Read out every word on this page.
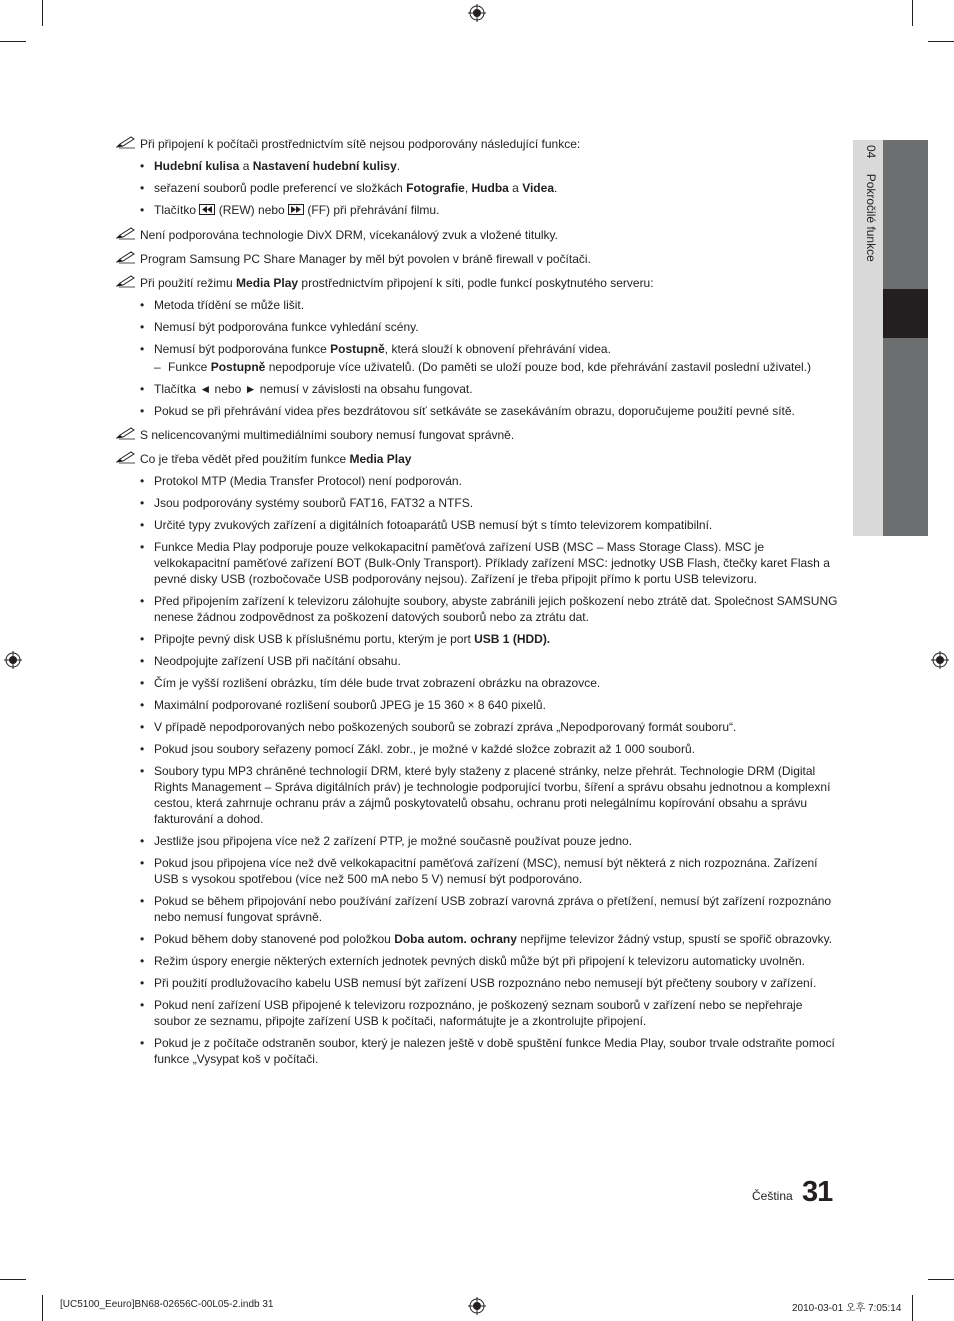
04 Pokročilé funkce
Při připojení k počítači prostřednictvím sítě nejsou podporovány následující funkce:
• Hudební kulisa a Nastavení hudební kulisy.
• seřazení souborů podle preferencí ve složkách Fotografie, Hudba a Videa.
• Tlačítko  (REW) nebo  (FF) při přehrávání filmu.
Není podporována technologie DivX DRM, vícekanálový zvuk a vložené titulky.
Program Samsung PC Share Manager by měl být povolen v bráně firewall v počítači.
Při použití režimu Media Play prostřednictvím připojení k síti, podle funkcí poskytnutého serveru:
• Metoda třídění se může lišit.
• Nemusí být podporována funkce vyhledání scény.
• Nemusí být podporována funkce Postupně, která slouží k obnovení přehrávání videa.
– Funkce Postupně nepodporuje více uživatelů. (Do paměti se uloží pouze bod, kde přehrávání zastavil poslední uživatel.)
• Tlačítka ◄ nebo ► nemusí v závislosti na obsahu fungovat.
• Pokud se při přehrávání videa přes bezdrátovou síť setkáváte se zasekáváním obrazu, doporučujeme použití pevné sítě.
S nelicencovanými multimediálními soubory nemusí fungovat správně.
Co je třeba vědět před použitím funkce Media Play
• Protokol MTP (Media Transfer Protocol) není podporován.
• Jsou podporovány systémy souborů FAT16, FAT32 a NTFS.
• Určité typy zvukových zařízení a digitálních fotoaparátů USB nemusí být s tímto televizorem kompatibilní.
• Funkce Media Play podporuje pouze velkokapacitní paměťová zařízení USB (MSC – Mass Storage Class). MSC je velkokapacitní paměťové zařízení BOT (Bulk-Only Transport). Příklady zařízení MSC: jednotky USB Flash, čtečky karet Flash a pevné disky USB (rozbočovače USB podporovány nejsou). Zařízení je třeba připojit přímo k portu USB televizoru.
• Před připojením zařízení k televizoru zálohujte soubory, abyste zabránili jejich poškození nebo ztrátě dat. Společnost SAMSUNG nenese žádnou zodpovědnost za poškození datových souborů nebo za ztrátu dat.
• Připojte pevný disk USB k příslušnému portu, kterým je port USB 1 (HDD).
• Neodpojujte zařízení USB při načítání obsahu.
• Čím je vyšší rozlišení obrázku, tím déle bude trvat zobrazení obrázku na obrazovce.
• Maximální podporované rozlišení souborů JPEG je 15 360 × 8 640 pixelů.
• V případě nepodporovaných nebo poškozených souborů se zobrazí zpráva „Nepodporovaný formát souboru“.
• Pokud jsou soubory seřazeny pomocí Zákl. zobr., je možné v každé složce zobrazit až 1 000 souborů.
• Soubory typu MP3 chráněné technologií DRM, které byly staženy z placené stránky, nelze přehrát. Technologie DRM (Digital Rights Management – Správa digitálních práv) je technologie podporující tvorbu, šíření a správu obsahu jednotnou a komplexní cestou, která zahrnuje ochranu práv a zájmů poskytovatelů obsahu, ochranu proti nelegálnímu kopírování obsahu a správu fakturování a dohod.
• Jestliže jsou připojena více než 2 zařízení PTP, je možné současně používat pouze jedno.
• Pokud jsou připojena více než dvě velkokapacitní paměťová zařízení (MSC), nemusí být některá z nich rozpoznána. Zařízení USB s vysokou spotřebou (více než 500 mA nebo 5 V) nemusí být podporováno.
• Pokud se během připojování nebo používání zařízení USB zobrazí varovná zpráva o přetížení, nemusí být zařízení rozpoznáno nebo nemusí fungovat správně.
• Pokud během doby stanovené pod položkou Doba autom. ochrany nepřijme televizor žádný vstup, spustí se spořič obrazovky.
• Režim úspory energie některých externích jednotek pevných disků může být při připojení k televizoru automaticky uvolněn.
• Při použití prodlužovacího kabelu USB nemusí být zařízení USB rozpoznáno nebo nemusejí být přečteny soubory v zařízení.
• Pokud není zařízení USB připojené k televizoru rozpoznáno, je poškozený seznam souborů v zařízení nebo se nepřehraje soubor ze seznamu, připojte zařízení USB k počítači, naformátujte je a zkontrolujte připojení.
• Pokud je z počítače odstraněn soubor, který je nalezen ještě v době spuštění funkce Media Play, soubor trvale odstraňte pomocí funkce „Vysypat koš v počítači.
Čeština 31
[UC5100_Eeuro]BN68-02656C-00L05-2.indb 31	2010-03-01 오후 7:05:14
